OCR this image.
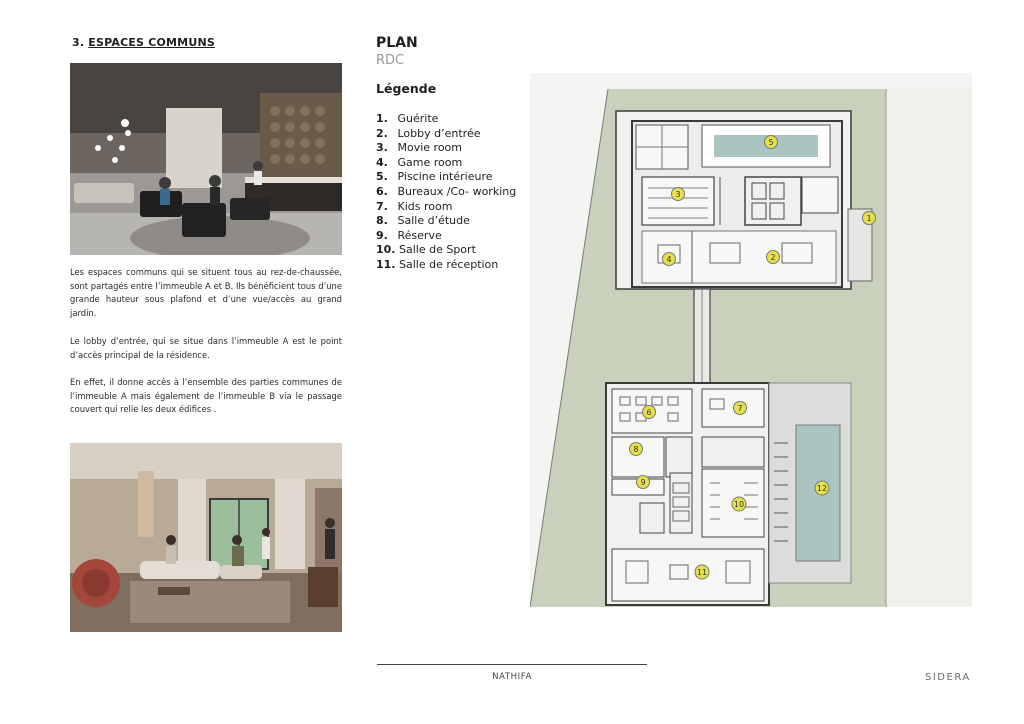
3. ESPACES COMMUNS
Les espaces communs qui se situent tous au rez-de-chaussée, sont partagés entre l’immeuble A et B. Ils bénéficient tous d’une grande hauteur sous plafond et d’une vue/accès au grand jardin.
Le lobby d’entrée, qui se situe dans l’immeuble A est le point d’accès principal de la résidence.
En effet, il donne accès à l’ensemble des parties communes de l’immeuble A mais également de l’immeuble B via le passage couvert qui relie les deux édifices .
PLAN
RDC
Légende
1. Guérite
2. Lobby d’entrée
3. Movie room
4. Game room
5. Piscine intérieure
6. Bureaux /Co- working
7. Kids room
8. Salle d’étude
9. Réserve
10. Salle de Sport
11. Salle de réception
1
2
3
4
5
6	7
8
9
10
11
12
NATHIFA	SIDERA
